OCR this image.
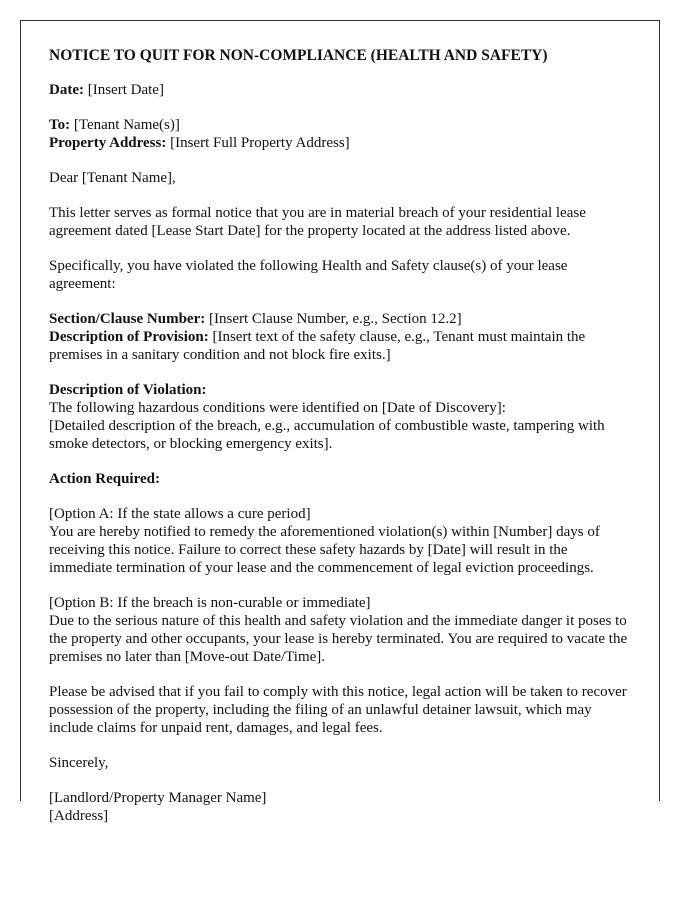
NOTICE TO QUIT FOR NON-COMPLIANCE (HEALTH AND SAFETY)

Date: [Insert Date]

To: [Tenant Name(s)]
Property Address: [Insert Full Property Address]

Dear [Tenant Name],

This letter serves as formal notice that you are in material breach of your residential lease agreement dated [Lease Start Date] for the property located at the address listed above.

Specifically, you have violated the following Health and Safety clause(s) of your lease agreement:

Section/Clause Number: [Insert Clause Number, e.g., Section 12.2]
Description of Provision: [Insert text of the safety clause, e.g., Tenant must maintain the premises in a sanitary condition and not block fire exits.]

Description of Violation:
The following hazardous conditions were identified on [Date of Discovery]:
[Detailed description of the breach, e.g., accumulation of combustible waste, tampering with smoke detectors, or blocking emergency exits].

Action Required:

[Option A: If the state allows a cure period]
You are hereby notified to remedy the aforementioned violation(s) within [Number] days of receiving this notice. Failure to correct these safety hazards by [Date] will result in the immediate termination of your lease and the commencement of legal eviction proceedings.

[Option B: If the breach is non-curable or immediate]
Due to the serious nature of this health and safety violation and the immediate danger it poses to the property and other occupants, your lease is hereby terminated. You are required to vacate the premises no later than [Move-out Date/Time].

Please be advised that if you fail to comply with this notice, legal action will be taken to recover possession of the property, including the filing of an unlawful detainer lawsuit, which may include claims for unpaid rent, damages, and legal fees.

Sincerely,

[Landlord/Property Manager Name]
[Address]
